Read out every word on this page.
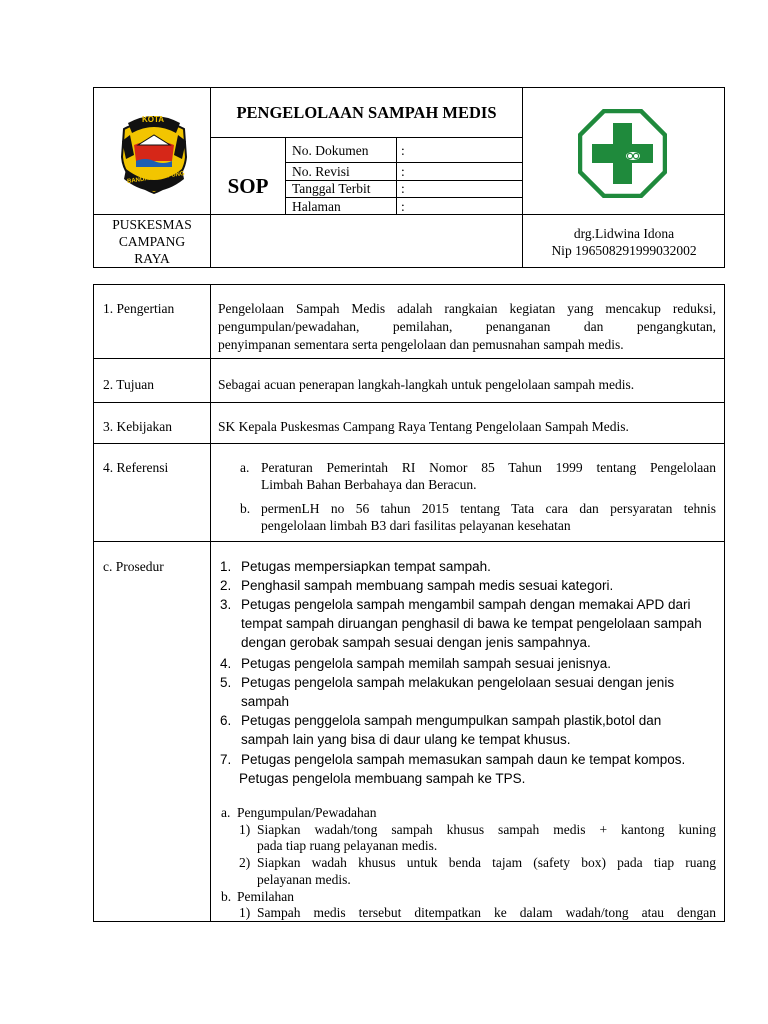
KOTA
BANDAR LAMPUNG
PENGELOLAAN SAMPAH MEDIS
SOP
No. Dokumen :
No. Revisi	:
Tanggal Terbit :
Halaman	:
PUSKESMAS
CAMPANG
RAYA
drg.Lidwina Idona
Nip 196508291999032002
1. Pengertian	Pengelolaan Sampah Medis adalah rangkaian kegiatan yang mencakup reduksi,
pengumpulan/pewadahan, pemilahan, penanganan dan pengangkutan,
penyimpanan sementara serta pengelolaan dan pemusnahan sampah medis.
2. Tujuan	Sebagai acuan penerapan langkah-langkah untuk pengelolaan sampah medis.
3. Kebijakan	SK Kepala Puskesmas Campang Raya Tentang Pengelolaan Sampah Medis.
4. Referensi	a. Peraturan Pemerintah RI Nomor 85 Tahun 1999 tentang Pengelolaan
Limbah Bahan Berbahaya dan Beracun.
b. permenLH no 56 tahun 2015 tentang Tata cara dan persyaratan tehnis
pengelolaan limbah B3 dari fasilitas pelayanan kesehatan
c. Prosedur	1. Petugas mempersiapkan tempat sampah.
2. Penghasil sampah membuang sampah medis sesuai kategori.
3. Petugas pengelola sampah mengambil sampah dengan memakai APD dari
tempat sampah diruangan penghasil di bawa ke tempat pengelolaan sampah
dengan gerobak sampah sesuai dengan jenis sampahnya.
4. Petugas pengelola sampah memilah sampah sesuai jenisnya.
5. Petugas pengelola sampah melakukan pengelolaan sesuai dengan jenis
sampah
6. Petugas penggelola sampah mengumpulkan sampah plastik,botol dan
sampah lain yang bisa di daur ulang ke tempat khusus.
7. Petugas pengelola sampah memasukan sampah daun ke tempat kompos.
Petugas pengelola membuang sampah ke TPS.
a. Pengumpulan/Pewadahan
1) Siapkan wadah/tong sampah khusus sampah medis + kantong kuning
pada tiap ruang pelayanan medis.
2) Siapkan wadah khusus untuk benda tajam (safety box) pada tiap ruang
pelayanan medis.
b. Pemilahan
1) Sampah medis tersebut ditempatkan ke dalam wadah/tong atau dengan
